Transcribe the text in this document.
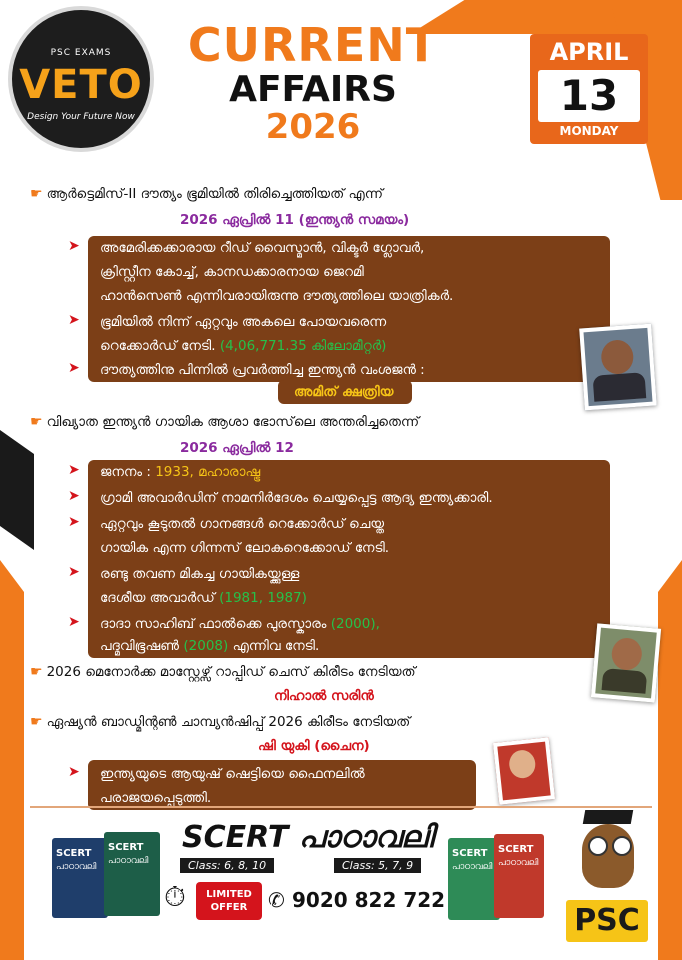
PSC EXAMS
VETO
Design Your Future Now
CURRENT
AFFAIRS
2026
APRIL
13
MONDAY
☛ ആർട്ടെമിസ്-II ദൗത്യം ഭൂമിയിൽ തിരിച്ചെത്തിയത് എന്ന്
2026 ഏപ്രിൽ 11 (ഇന്ത്യൻ സമയം)
➤ അമേരിക്കക്കാരായ റീഡ് വൈസ്മാൻ, വിക്ടർ ഗ്ലോവർ,
ക്രിസ്റ്റീന കോച്ച്, കാനഡക്കാരനായ ജെറമി
ഹാൻസെൺ എന്നിവരായിരുന്നു ദൗത്യത്തിലെ യാത്രികർ.
➤ ഭൂമിയിൽ നിന്ന് ഏറ്റവും അകലെ പോയവരെന്ന
റെക്കോർഡ് നേടി. (4,06,771.35 കിലോമീറ്റർ)
➤ ദൗത്യത്തിനു പിന്നിൽ പ്രവർത്തിച്ച ഇന്ത്യൻ വംശജൻ :
അമിത് ക്ഷത്രിയ
☛ വിഖ്യാത ഇന്ത്യൻ ഗായിക ആശാ ഭോസ്‌ലെ അന്തരിച്ചതെന്ന്
2026 ഏപ്രിൽ 12
➤ ജനനം : 1933, മഹാരാഷ്ട്ര
➤ ഗ്രാമി അവാർഡിന് നാമനിർദേശം ചെയ്യപ്പെട്ട ആദ്യ ഇന്ത്യക്കാരി.
➤ ഏറ്റവും കൂടുതൽ ഗാനങ്ങൾ റെക്കോർഡ് ചെയ്ത
ഗായിക എന്ന ഗിന്നസ് ലോകറെക്കോഡ് നേടി.
➤ രണ്ടു തവണ മികച്ച ഗായികയ്ക്കുള്ള
ദേശീയ അവാർഡ് (1981, 1987)
➤ ദാദാ സാഹിബ് ഫാൽക്കെ പുരസ്കാരം (2000),
പദ്മവിഭൂഷൺ (2008) എന്നിവ നേടി.
☛ 2026 മെനോർക്ക മാസ്റ്റേഴ്സ് റാപ്പിഡ് ചെസ് കിരീടം നേടിയത്
നിഹാൽ സരിൻ
☛ ഏഷ്യൻ ബാഡ്മിന്റൺ ചാമ്പ്യൻഷിപ്പ് 2026 കിരീടം നേടിയത്
ഷി യുകി (ചൈന)
➤ ഇന്ത്യയുടെ ആയുഷ് ഷെട്ടിയെ ഫൈനലിൽ
പരാജയപ്പെടുത്തി.
SCERT
പാഠാവലി
SCERT
പാഠാവലി
SCERT പാഠാവലി
Class: 6, 8, 10	Class: 5, 7, 9
⏱	LIMITED
OFFER	✆ 9020 822 722
SCERT
പാഠാവലി
SCERT
പാഠാവലി
PSC
